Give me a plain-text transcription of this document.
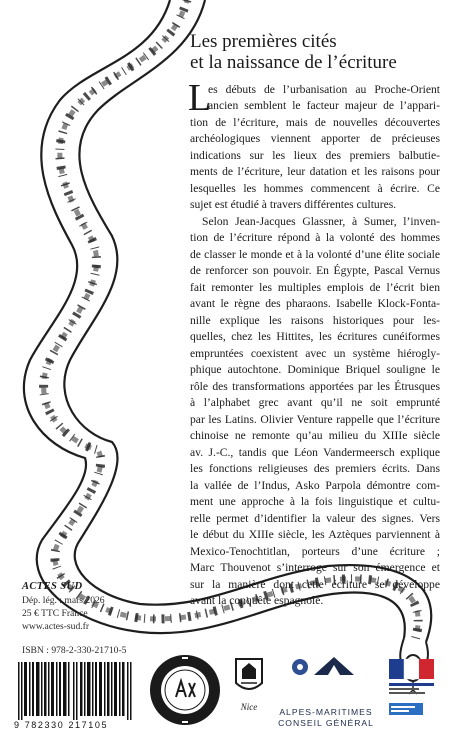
Les premières cités
et la naissance de l’écriture
L
es débuts de l’urbanisation au Proche-Orient
ancien semblent le facteur majeur de l’appari-
tion de l’écriture, mais de nouvelles découvertes
archéologiques viennent apporter de précieuses
indications sur les lieux des premiers balbutie-
ments de l’écriture, leur datation et les raisons pour
lesquelles les hommes commencent à écrire. Ce
sujet est étudié à travers différentes cultures.
Selon Jean-Jacques Glassner, à Sumer, l’inven-
tion de l’écriture répond à la volonté des hommes
de classer le monde et à la volonté d’une élite sociale
de renforcer son pouvoir. En Égypte, Pascal Vernus
fait remonter les multiples emplois de l’écrit bien
avant le règne des pharaons. Isabelle Klock-Fonta-
nille explique les raisons historiques pour les-
quelles, chez les Hittites, les écritures cunéiformes
empruntées coexistent avec un système hiérogly-
phique autochtone. Dominique Briquel souligne le
rôle des transformations apportées par les Étrusques
à l’alphabet grec avant qu’il ne soit emprunté
par les Latins. Olivier Venture rappelle que l’écriture
chinoise ne remonte qu’au milieu du XIIIe siècle
av. J.-C., tandis que Léon Vandermeersch explique
les fonctions religieuses des premiers écrits. Dans
la vallée de l’Indus, Asko Parpola démontre com-
ment une approche à la fois linguistique et cultu-
relle permet d’identifier la valeur des signes. Vers
le début du XIIIe siècle, les Aztèques parviennent à
Mexico-Tenochtitlan, porteurs d’une écriture ;
Marc Thouvenot s’interroge sur son émergence et
sur la manière dont cette écriture se développe
avant la conquête espagnole.
ACTES SUD
Dép. lég. : mars 2026
25 € TTC France
www.actes-sud.fr
ISBN : 978-2-330-21710-5
9 782330 217105
Nice	ALPES-MARITIMES
CONSEIL GÉNÉRAL
